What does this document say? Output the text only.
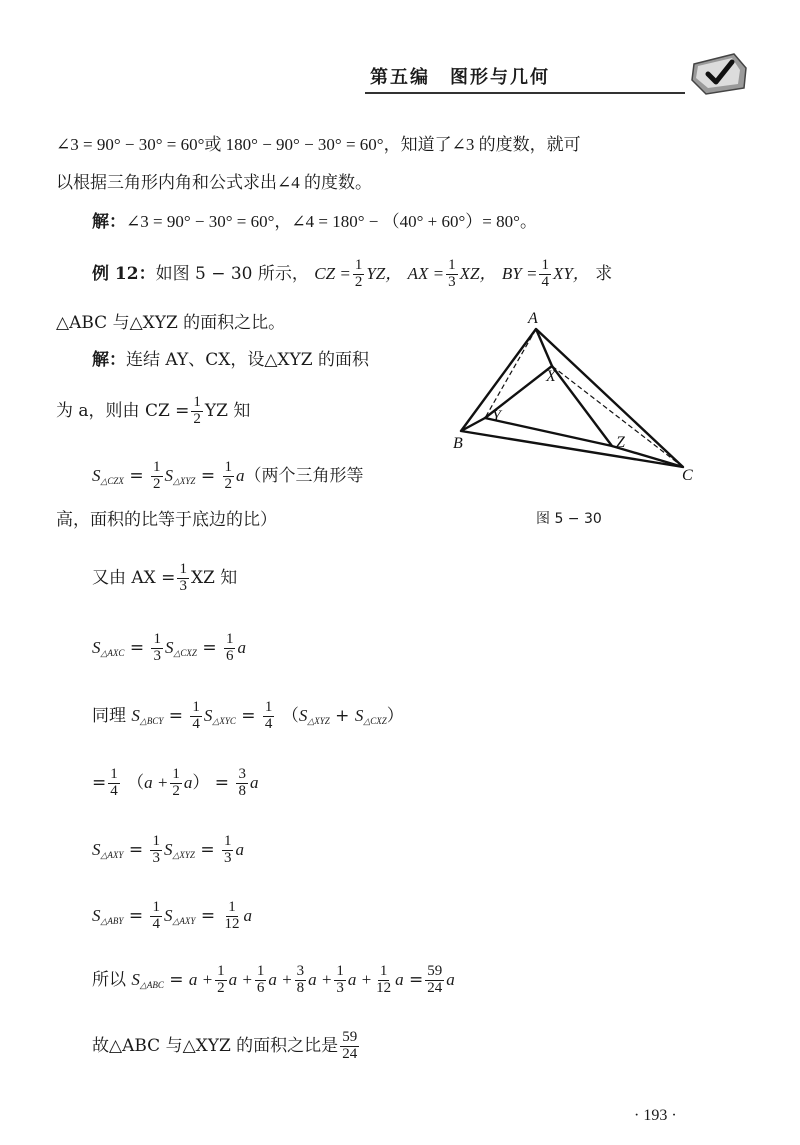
第五编　图形与几何
∠3 = 90° − 30° = 60°或 180° − 90° − 30° = 60°，知道了∠3 的度数，就可
以根据三角形内角和公式求出∠4 的度数。
解：∠3 = 90° − 30° = 60°，∠4 = 180° − （40° + 60°）= 80°。
例 12：如图 5 − 30 所示， CZ = $\frac{1}{2}$ YZ， AX = $\frac{1}{3}$ XZ， BY = $\frac{1}{4}$ XY， 求
△ABC 与△XYZ 的面积之比。
解：连结 AY、CX，设△XYZ 的面积
为 a，则由 CZ = $\frac{1}{2}$ YZ 知
$S_{\triangle CZX} = \frac{1}{2} S_{\triangle XYZ} = \frac{1}{2} a$（两个三角形等
高，面积的比等于底边的比）
又由 AX = $\frac{1}{3}$ XZ 知
$S_{\triangle AXC} = \frac{1}{3} S_{\triangle CXZ} = \frac{1}{6}$ a
同理 $S_{\triangle BCY} = \frac{1}{4} S_{\triangle XYC} = \frac{1}{4} (S_{\triangle XYZ} + S_{\triangle CXZ})$
= $\frac{1}{4} (a + \frac{1}{2} a) = \frac{3}{8}$ a
$S_{\triangle AXY} = \frac{1}{3} S_{\triangle XYZ} = \frac{1}{3}$ a
$S_{\triangle ABY} = \frac{1}{4} S_{\triangle AXY} = \frac{1}{12}$ a
所以 $S_{\triangle ABC} = a + \frac{1}{2}$ $a + \frac{1}{6}$ $a + \frac{3}{8}$ $a + \frac{1}{3}$ $a + \frac{1}{12}$ $a = \frac{59}{24}$ a
故△ABC 与△XYZ 的面积之比是 $\frac{59}{24}$
A
B
C
X
Y
Z
图 5 − 30
· 193 ·
